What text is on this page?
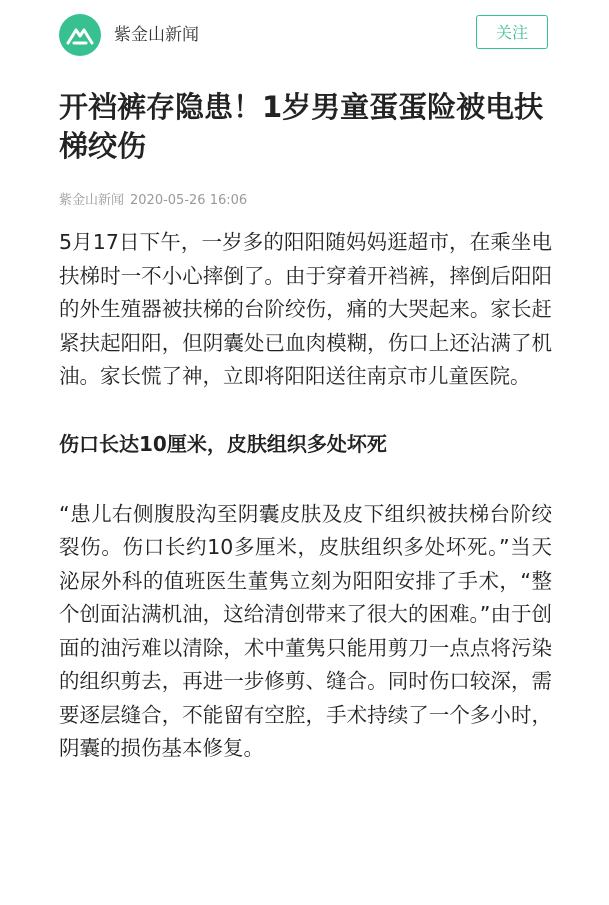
紫金山新闻	关注
开裆裤存隐患！1岁男童蛋蛋险被电扶梯绞伤
紫金山新闻 2020-05-26 16:06

5月17日下午，一岁多的阳阳随妈妈逛超市，在乘坐电扶梯时一不小心摔倒了。由于穿着开裆裤，摔倒后阳阳的外生殖器被扶梯的台阶绞伤，痛的大哭起来。家长赶紧扶起阳阳，但阴囊处已血肉模糊，伤口上还沾满了机油。家长慌了神，立即将阳阳送往南京市儿童医院。

伤口长达10厘米，皮肤组织多处坏死

“患儿右侧腹股沟至阴囊皮肤及皮下组织被扶梯台阶绞裂伤。伤口长约10多厘米，皮肤组织多处坏死。”当天泌尿外科的值班医生董隽立刻为阳阳安排了手术，“整个创面沾满机油，这给清创带来了很大的困难。”由于创面的油污难以清除，术中董隽只能用剪刀一点点将污染的组织剪去，再进一步修剪、缝合。同时伤口较深，需要逐层缝合，不能留有空腔，手术持续了一个多小时，阴囊的损伤基本修复。
